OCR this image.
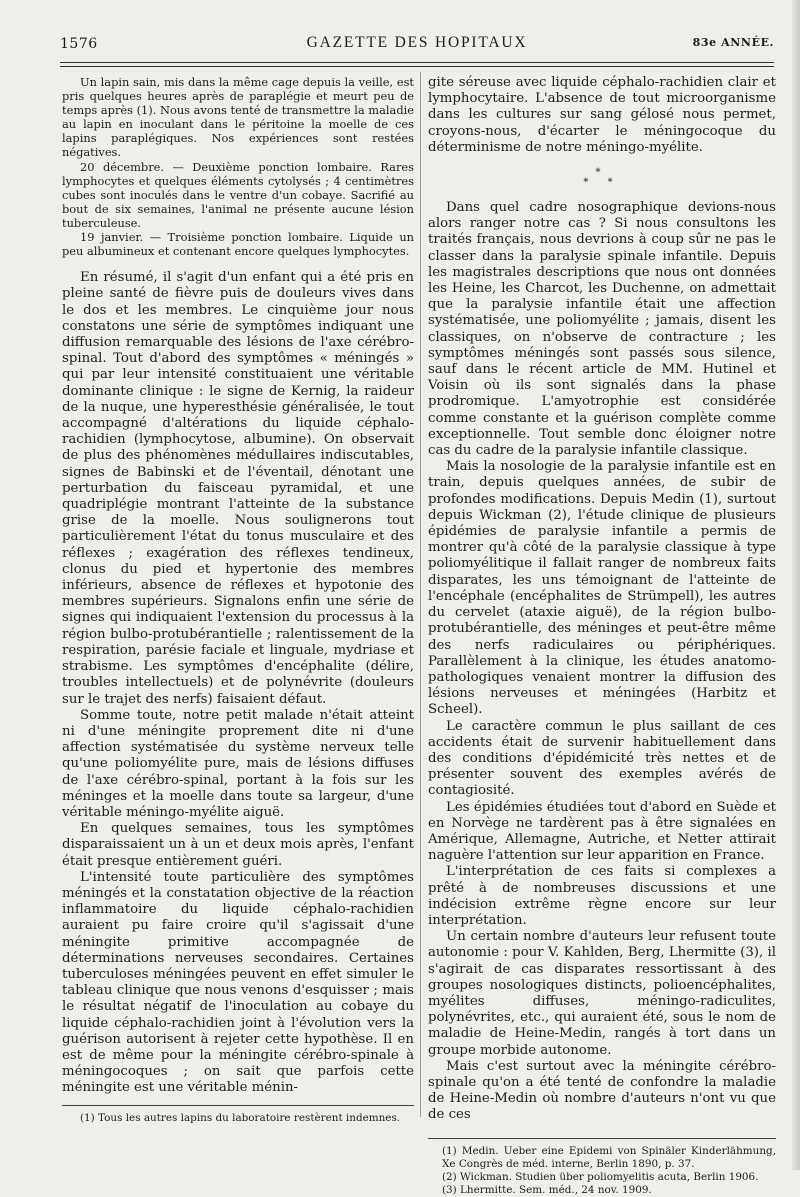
1576	GAZETTE DES HOPITAUX	83e ANNÉE.

Un lapin sain, mis dans la même cage depuis la veille, est pris quelques heures après de paraplégie et meurt peu de temps après (1). Nous avons tenté de transmettre la maladie au lapin en inoculant dans le péritoine la moelle de ces lapins paraplégiques. Nos expériences sont restées négatives.

20 décembre. — Deuxième ponction lombaire. Rares lymphocytes et quelques éléments cytolysés ; 4 centimètres cubes sont inoculés dans le ventre d'un cobaye. Sacrifié au bout de six semaines, l'animal ne présente aucune lésion tuberculeuse.

19 janvier. — Troisième ponction lombaire. Liquide un peu albumineux et contenant encore quelques lymphocytes.

En résumé, il s'agit d'un enfant qui a été pris en pleine santé de fièvre puis de douleurs vives dans le dos et les membres. Le cinquième jour nous constatons une série de symptômes indiquant une diffusion remarquable des lésions de l'axe cérébro-spinal. Tout d'abord des symptômes « méningés » qui par leur intensité constituaient une véritable dominante clinique : le signe de Kernig, la raideur de la nuque, une hyperesthésie généralisée, le tout accompagné d'altérations du liquide céphalo-rachidien (lymphocytose, albumine). On observait de plus des phénomènes médullaires indiscutables, signes de Babinski et de l'éventail, dénotant une perturbation du faisceau pyramidal, et une quadriplégie montrant l'atteinte de la substance grise de la moelle. Nous soulignerons tout particulièrement l'état du tonus musculaire et des réflexes ; exagération des réflexes tendineux, clonus du pied et hypertonie des membres inférieurs, absence de réflexes et hypotonie des membres supérieurs. Signalons enfin une série de signes qui indiquaient l'extension du processus à la région bulbo-protubérantielle ; ralentissement de la respiration, parésie faciale et linguale, mydriase et strabisme. Les symptômes d'encéphalite (délire, troubles intellectuels) et de polynévrite (douleurs sur le trajet des nerfs) faisaient défaut.

Somme toute, notre petit malade n'était atteint ni d'une méningite proprement dite ni d'une affection systématisée du système nerveux telle qu'une poliomyélite pure, mais de lésions diffuses de l'axe cérébro-spinal, portant à la fois sur les méninges et la moelle dans toute sa largeur, d'une véritable méningo-myélite aiguë.

En quelques semaines, tous les symptômes disparaissaient un à un et deux mois après, l'enfant était presque entièrement guéri.

L'intensité toute particulière des symptômes méningés et la constatation objective de la réaction inflammatoire du liquide céphalo-rachidien auraient pu faire croire qu'il s'agissait d'une méningite primitive accompagnée de déterminations nerveuses secondaires. Certaines tuberculoses méningées peuvent en effet simuler le tableau clinique que nous venons d'esquisser ; mais le résultat négatif de l'inoculation au cobaye du liquide céphalo-rachidien joint à l'évolution vers la guérison autorisent à rejeter cette hypothèse. Il en est de même pour la méningite cérébro-spinale à méningocoques ; on sait que parfois cette méningite est une véritable ménin-

(1) Tous les autres lapins du laboratoire restèrent indemnes.

gite séreuse avec liquide céphalo-rachidien clair et lymphocytaire. L'absence de tout microorganisme dans les cultures sur sang gélosé nous permet, croyons-nous, d'écarter le méningocoque du déterminisme de notre méningo-myélite.

*
* *

Dans quel cadre nosographique devions-nous alors ranger notre cas ? Si nous consultons les traités français, nous devrions à coup sûr ne pas le classer dans la paralysie spinale infantile. Depuis les magistrales descriptions que nous ont données les Heine, les Charcot, les Duchenne, on admettait que la paralysie infantile était une affection systématisée, une poliomyélite ; jamais, disent les classiques, on n'observe de contracture ; les symptômes méningés sont passés sous silence, sauf dans le récent article de MM. Hutinel et Voisin où ils sont signalés dans la phase prodromique. L'amyotrophie est considérée comme constante et la guérison complète comme exceptionnelle. Tout semble donc éloigner notre cas du cadre de la paralysie infantile classique.

Mais la nosologie de la paralysie infantile est en train, depuis quelques années, de subir de profondes modifications. Depuis Medin (1), surtout depuis Wickman (2), l'étude clinique de plusieurs épidémies de paralysie infantile a permis de montrer qu'à côté de la paralysie classique à type poliomyélitique il fallait ranger de nombreux faits disparates, les uns témoignant de l'atteinte de l'encéphale (encéphalites de Strümpell), les autres du cervelet (ataxie aiguë), de la région bulbo-protubérantielle, des méninges et peut-être même des nerfs radiculaires ou périphériques. Parallèlement à la clinique, les études anatomo-pathologiques venaient montrer la diffusion des lésions nerveuses et méningées (Harbitz et Scheel).

Le caractère commun le plus saillant de ces accidents était de survenir habituellement dans des conditions d'épidémicité très nettes et de présenter souvent des exemples avérés de contagiosité.

Les épidémies étudiées tout d'abord en Suède et en Norvège ne tardèrent pas à être signalées en Amérique, Allemagne, Autriche, et Netter attirait naguère l'attention sur leur apparition en France.

L'interprétation de ces faits si complexes a prêté à de nombreuses discussions et une indécision extrême règne encore sur leur interprétation.

Un certain nombre d'auteurs leur refusent toute autonomie : pour V. Kahlden, Berg, Lhermitte (3), il s'agirait de cas disparates ressortissant à des groupes nosologiques distincts, polioencéphalites, myélites diffuses, méningo-radiculites, polynévrites, etc., qui auraient été, sous le nom de maladie de Heine-Medin, rangés à tort dans un groupe morbide autonome.

Mais c'est surtout avec la méningite cérébro-spinale qu'on a été tenté de confondre la maladie de Heine-Medin où nombre d'auteurs n'ont vu que de ces

(1) Medin. Ueber eine Epidemi von Spinäler Kinderlähmung, Xe Congrès de méd. interne, Berlin 1890, p. 37.

(2) Wickman. Studien über poliomyelitis acuta, Berlin 1906.

(3) Lhermitte. Sem. méd., 24 nov. 1909.
